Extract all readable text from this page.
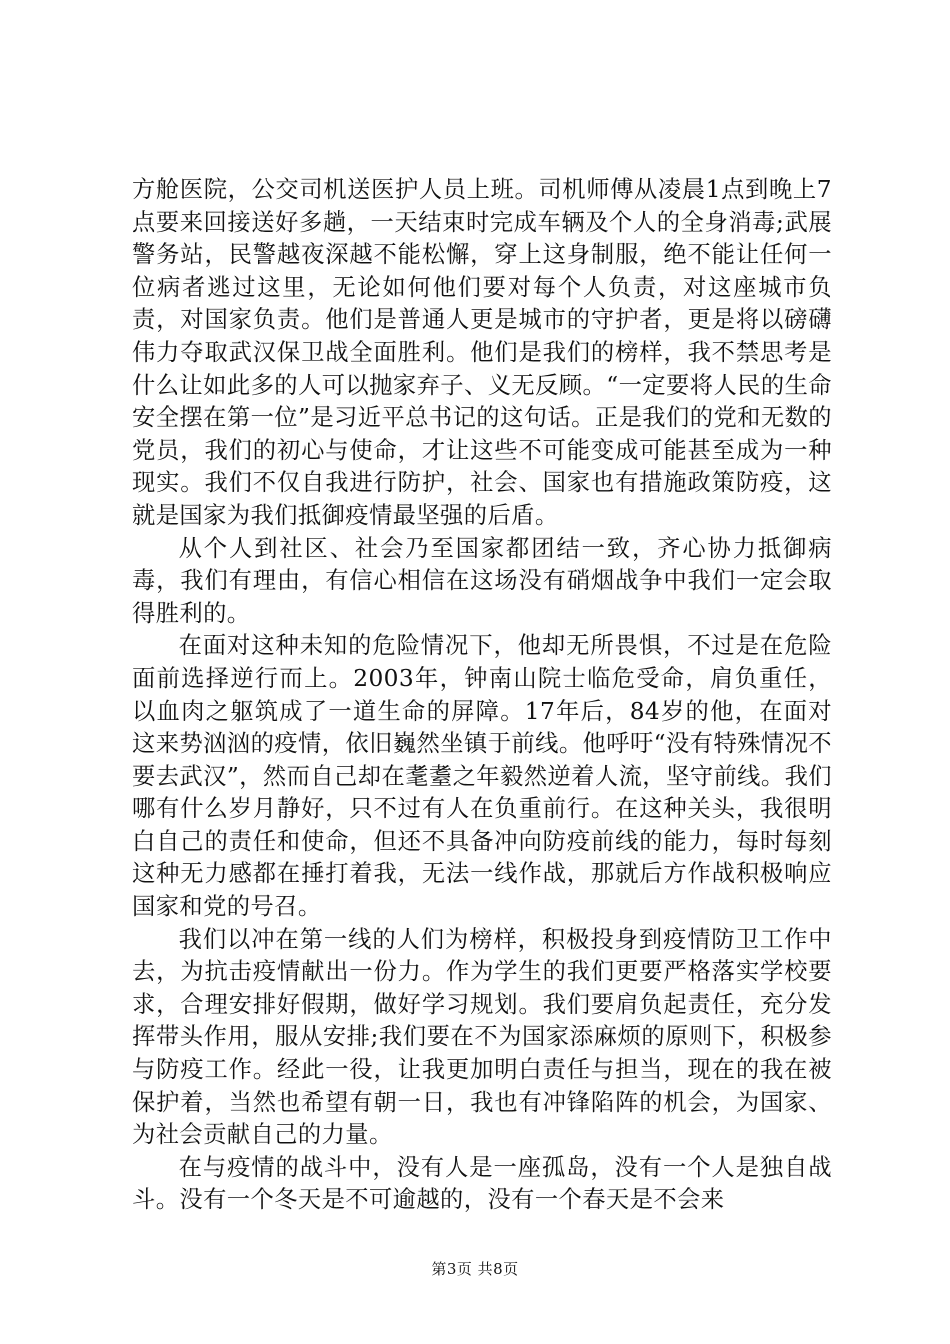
方舱医院，公交司机送医护人员上班。司机师傅从凌晨1点到晚上7点要来回接送好多趟，一天结束时完成车辆及个人的全身消毒;武展警务站，民警越夜深越不能松懈，穿上这身制服，绝不能让任何一位病者逃过这里，无论如何他们要对每个人负责，对这座城市负责，对国家负责。他们是普通人更是城市的守护者，更是将以磅礴伟力夺取武汉保卫战全面胜利。他们是我们的榜样，我不禁思考是什么让如此多的人可以抛家弃子、义无反顾。“一定要将人民的生命安全摆在第一位”是习近平总书记的这句话。正是我们的党和无数的党员，我们的初心与使命，才让这些不可能变成可能甚至成为一种现实。我们不仅自我进行防护，社会、国家也有措施政策防疫，这就是国家为我们抵御疫情最坚强的后盾。

从个人到社区、社会乃至国家都团结一致，齐心协力抵御病毒，我们有理由，有信心相信在这场没有硝烟战争中我们一定会取得胜利的。

在面对这种未知的危险情况下，他却无所畏惧，不过是在危险面前选择逆行而上。2003年，钟南山院士临危受命，肩负重任，以血肉之躯筑成了一道生命的屏障。17年后，84岁的他，在面对这来势汹汹的疫情，依旧巍然坐镇于前线。他呼吁“没有特殊情况不要去武汉”，然而自己却在耄耋之年毅然逆着人流，坚守前线。我们哪有什么岁月静好，只不过有人在负重前行。在这种关头，我很明白自己的责任和使命，但还不具备冲向防疫前线的能力，每时每刻这种无力感都在捶打着我，无法一线作战，那就后方作战积极响应国家和党的号召。

我们以冲在第一线的人们为榜样，积极投身到疫情防卫工作中去，为抗击疫情献出一份力。作为学生的我们更要严格落实学校要求，合理安排好假期，做好学习规划。我们要肩负起责任，充分发挥带头作用，服从安排;我们要在不为国家添麻烦的原则下，积极参与防疫工作。经此一役，让我更加明白责任与担当，现在的我在被保护着，当然也希望有朝一日，我也有冲锋陷阵的机会，为国家、为社会贡献自己的力量。

在与疫情的战斗中，没有人是一座孤岛，没有一个人是独自战斗。没有一个冬天是不可逾越的，没有一个春天是不会来

第3页 共8页
